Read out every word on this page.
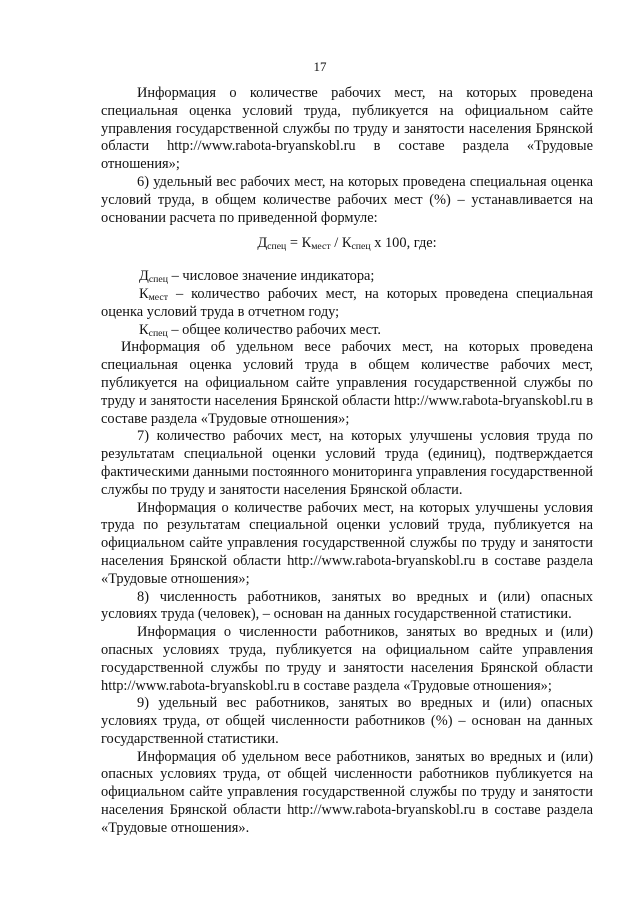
17

Информация о количестве рабочих мест, на которых проведена специальная оценка условий труда, публикуется на официальном сайте управления государственной службы по труду и занятости населения Брянской области http://www.rabota-bryanskobl.ru в составе раздела «Трудовые отношения»;

6) удельный вес рабочих мест, на которых проведена специальная оценка условий труда, в общем количестве рабочих мест (%) – устанавливается на основании расчета по приведенной формуле:

$Д_{спец} = К_{мест} / К_{спец}$ х 100, где:

$Д_{спец}$ – числовое значение индикатора;

$К_{мест}$ – количество рабочих мест, на которых проведена специальная оценка условий труда в отчетном году;

$К_{спец}$ – общее количество рабочих мест.

Информация об удельном весе рабочих мест, на которых проведена специальная оценка условий труда в общем количестве рабочих мест, публикуется на официальном сайте управления государственной службы по труду и занятости населения Брянской области http://www.rabota-bryanskobl.ru в составе раздела «Трудовые отношения»;

7) количество рабочих мест, на которых улучшены условия труда по результатам специальной оценки условий труда (единиц), подтверждается фактическими данными постоянного мониторинга управления государственной службы по труду и занятости населения Брянской области.

Информация о количестве рабочих мест, на которых улучшены условия труда по результатам специальной оценки условий труда, публикуется на официальном сайте управления государственной службы по труду и занятости населения Брянской области http://www.rabota-bryanskobl.ru в составе раздела «Трудовые отношения»;

8) численность работников, занятых во вредных и (или) опасных условиях труда (человек), – основан на данных государственной статистики.

Информация о численности работников, занятых во вредных и (или) опасных условиях труда, публикуется на официальном сайте управления государственной службы по труду и занятости населения Брянской области http://www.rabota-bryanskobl.ru в составе раздела «Трудовые отношения»;

9) удельный вес работников, занятых во вредных и (или) опасных условиях труда, от общей численности работников (%) – основан на данных государственной статистики.

Информация об удельном весе работников, занятых во вредных и (или) опасных условиях труда, от общей численности работников публикуется на официальном сайте управления государственной службы по труду и занятости населения Брянской области http://www.rabota-bryanskobl.ru в составе раздела «Трудовые отношения».
